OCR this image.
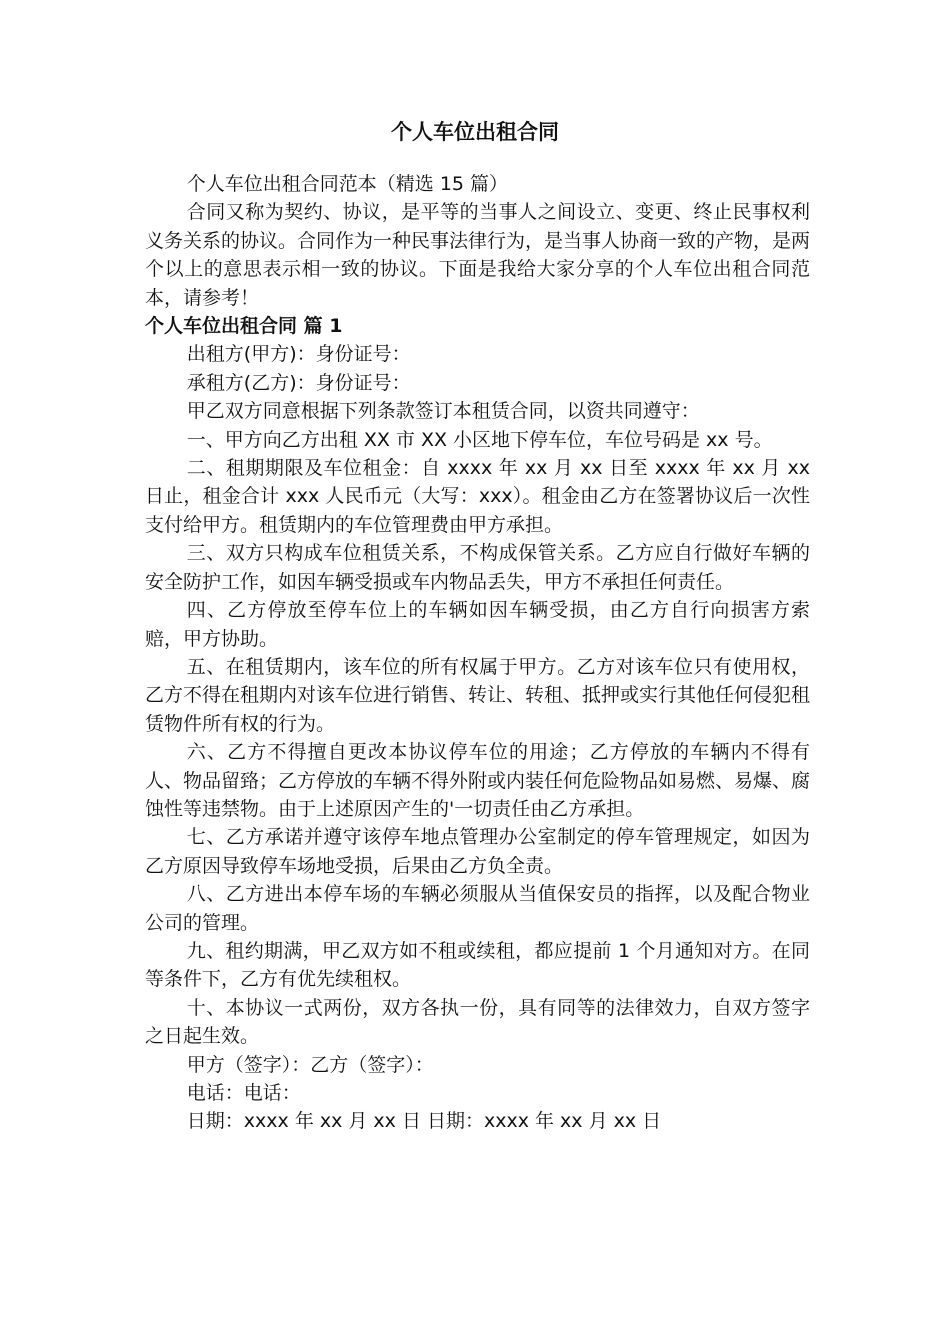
个人车位出租合同

个人车位出租合同范本（精选 15 篇）

合同又称为契约、协议，是平等的当事人之间设立、变更、终止民事权利义务关系的协议。合同作为一种民事法律行为，是当事人协商一致的产物，是两个以上的意思表示相一致的协议。下面是我给大家分享的个人车位出租合同范本，请参考！

个人车位出租合同 篇 1

出租方(甲方)：身份证号：

承租方(乙方)：身份证号：

甲乙双方同意根据下列条款签订本租赁合同，以资共同遵守：

一、甲方向乙方出租 XX 市 XX 小区地下停车位，车位号码是 xx 号。

二、租期期限及车位租金：自 xxxx 年 xx 月 xx 日至 xxxx 年 xx 月 xx 日止，租金合计 xxx 人民币元（大写：xxx）。租金由乙方在签署协议后一次性支付给甲方。租赁期内的车位管理费由甲方承担。

三、双方只构成车位租赁关系，不构成保管关系。乙方应自行做好车辆的安全防护工作，如因车辆受损或车内物品丢失，甲方不承担任何责任。

四、乙方停放至停车位上的车辆如因车辆受损，由乙方自行向损害方索赔，甲方协助。

五、在租赁期内，该车位的所有权属于甲方。乙方对该车位只有使用权，乙方不得在租期内对该车位进行销售、转让、转租、抵押或实行其他任何侵犯租赁物件所有权的行为。

六、乙方不得擅自更改本协议停车位的用途；乙方停放的车辆内不得有人、物品留臵；乙方停放的车辆不得外附或内装任何危险物品如易燃、易爆、腐蚀性等违禁物。由于上述原因产生的'一切责任由乙方承担。

七、乙方承诺并遵守该停车地点管理办公室制定的停车管理规定，如因为乙方原因导致停车场地受损，后果由乙方负全责。

八、乙方进出本停车场的车辆必须服从当值保安员的指挥，以及配合物业公司的管理。

九、租约期满，甲乙双方如不租或续租，都应提前 1 个月通知对方。在同等条件下，乙方有优先续租权。

十、本协议一式两份，双方各执一份，具有同等的法律效力，自双方签字之日起生效。

甲方（签字）：乙方（签字）：

电话：电话：

日期：xxxx 年 xx 月 xx 日 日期：xxxx 年 xx 月 xx 日
